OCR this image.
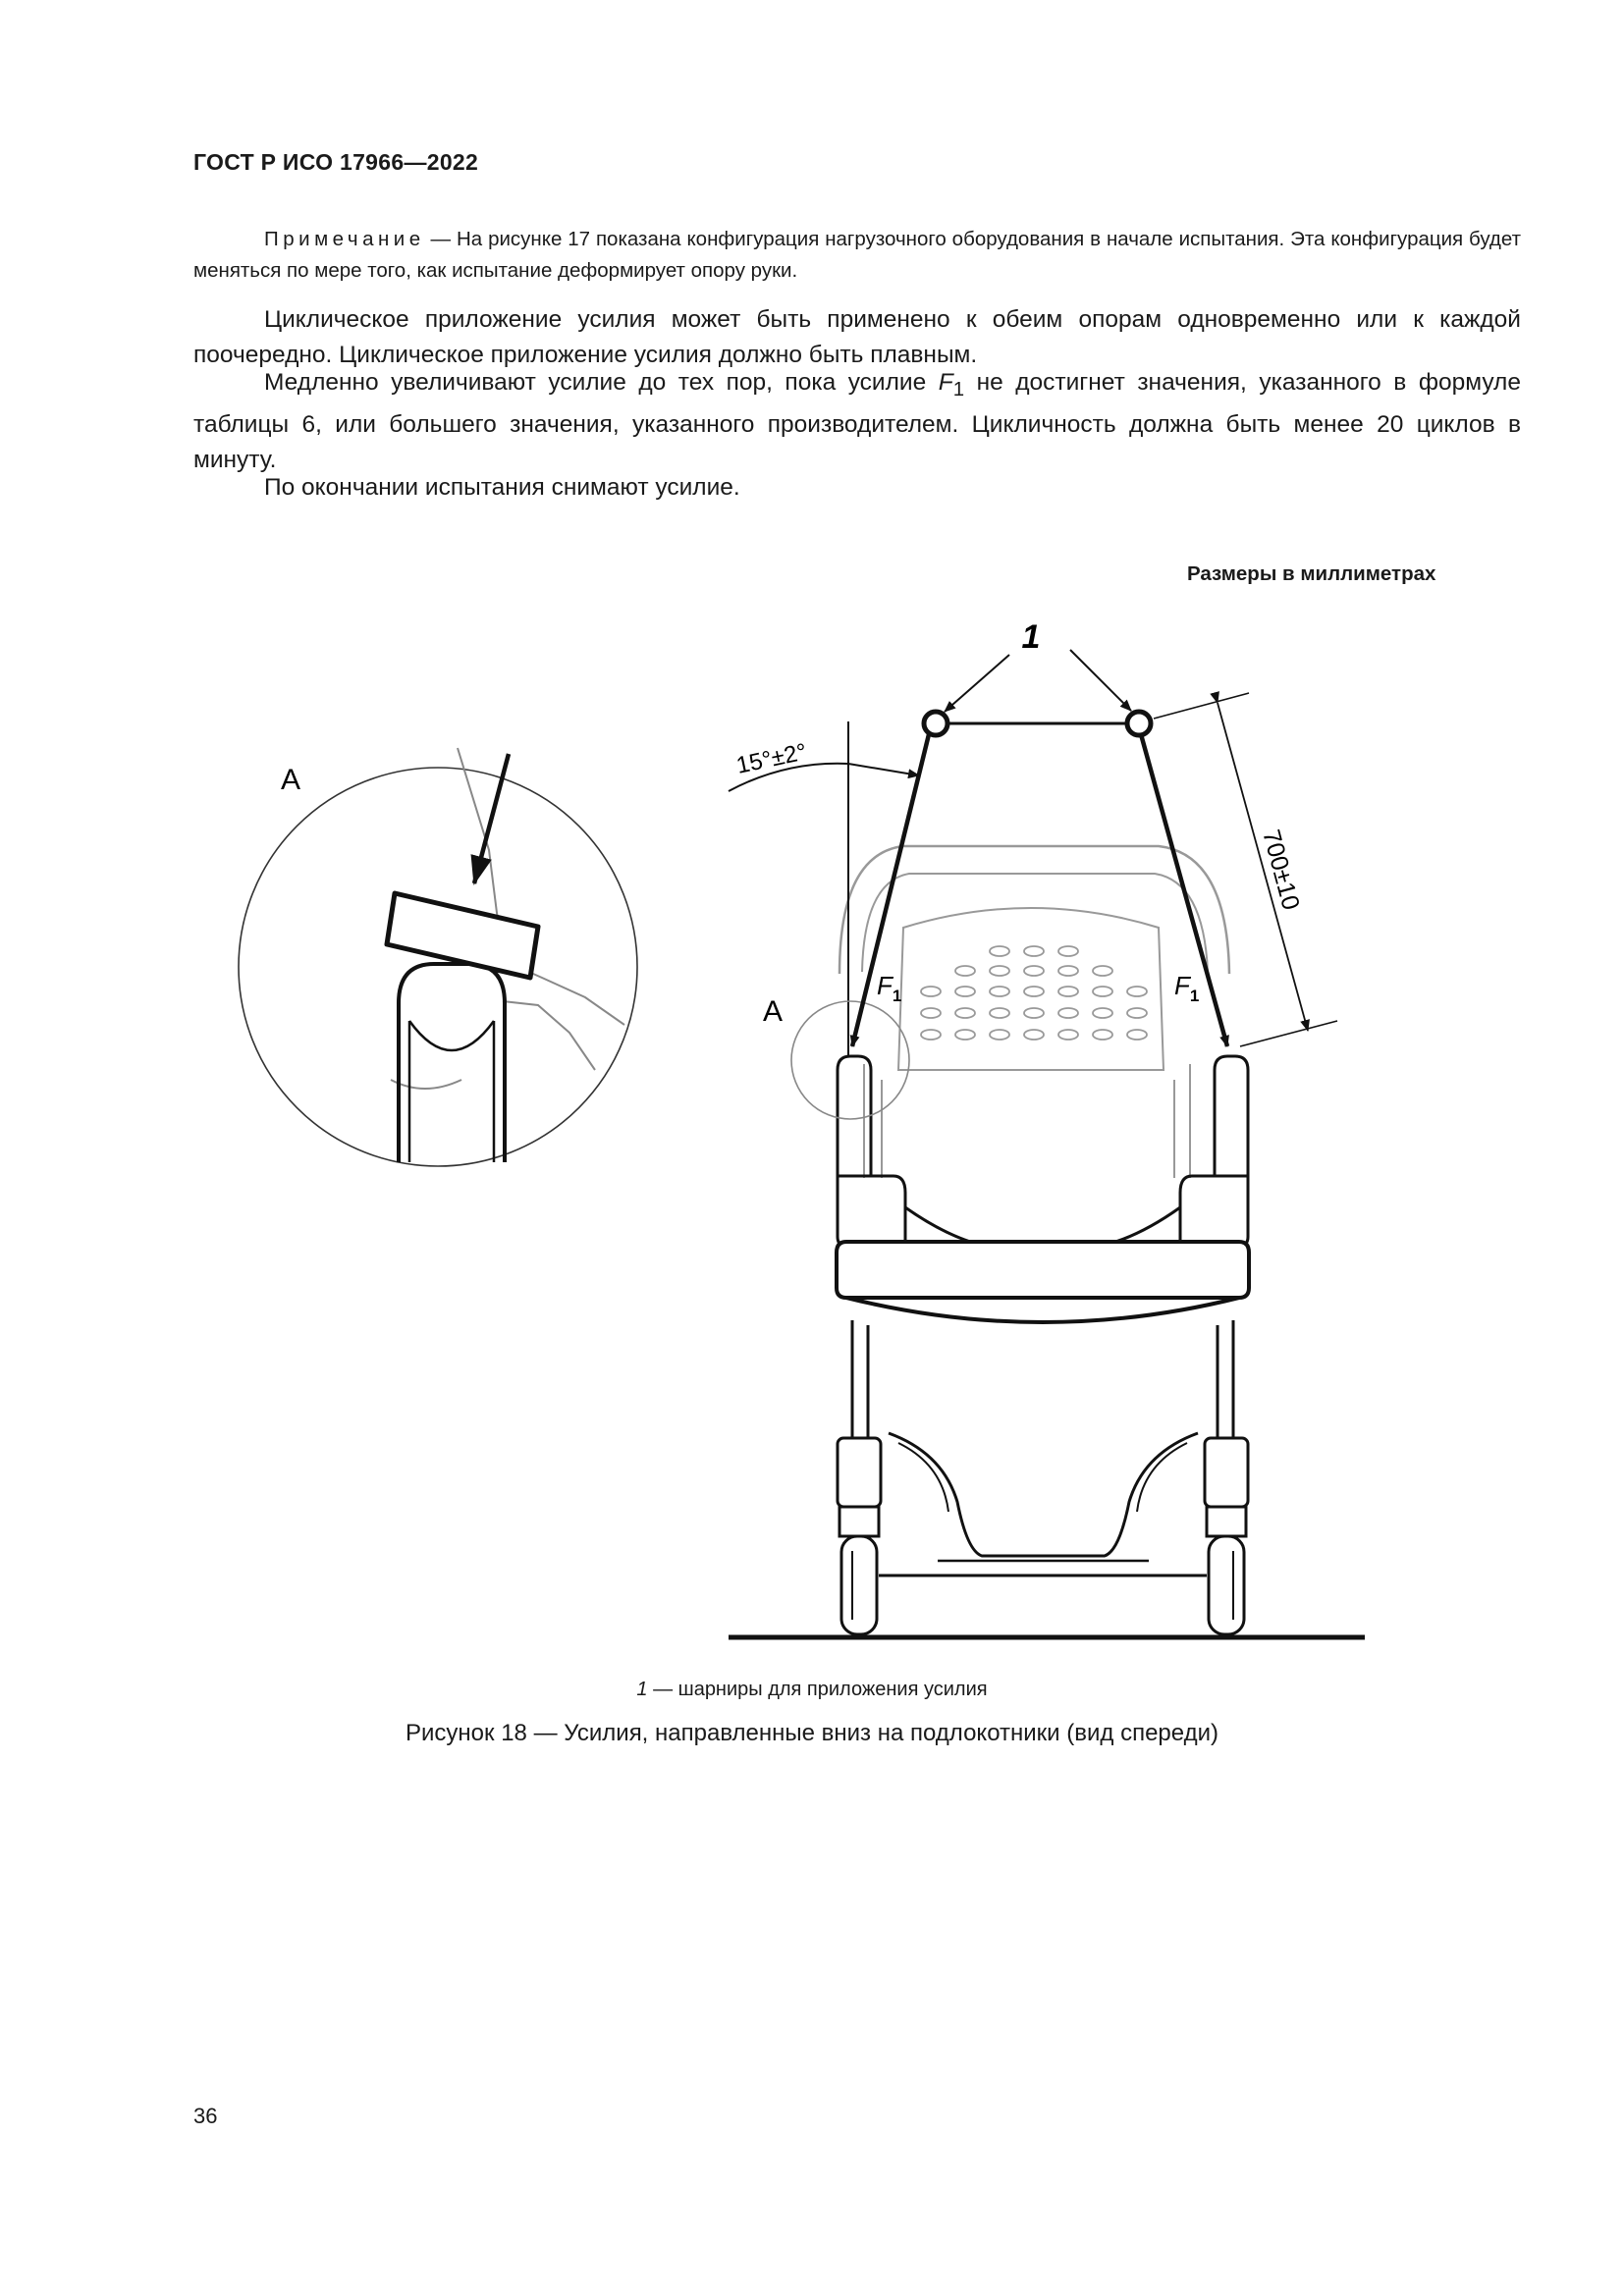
ГОСТ Р ИСО 17966—2022

Примечание — На рисунке 17 показана конфигурация нагрузочного оборудования в начале испытания. Эта конфигурация будет меняться по мере того, как испытание деформирует опору руки.

Циклическое приложение усилия может быть применено к обеим опорам одновременно или к каждой поочередно. Циклическое приложение усилия должно быть плавным.

Медленно увеличивают усилие до тех пор, пока усилие $F_1$ не достигнет значения, указанного в формуле таблицы 6, или большего значения, указанного производителем. Цикличность должна быть менее 20 циклов в минуту.

По окончании испытания снимают усилие.

Размеры в миллиметрах
A
A
1
15°±2°
700±10
$F_1$	$F_1$
1 — шарниры для приложения усилия
Рисунок 18 — Усилия, направленные вниз на подлокотники (вид спереди)
36
